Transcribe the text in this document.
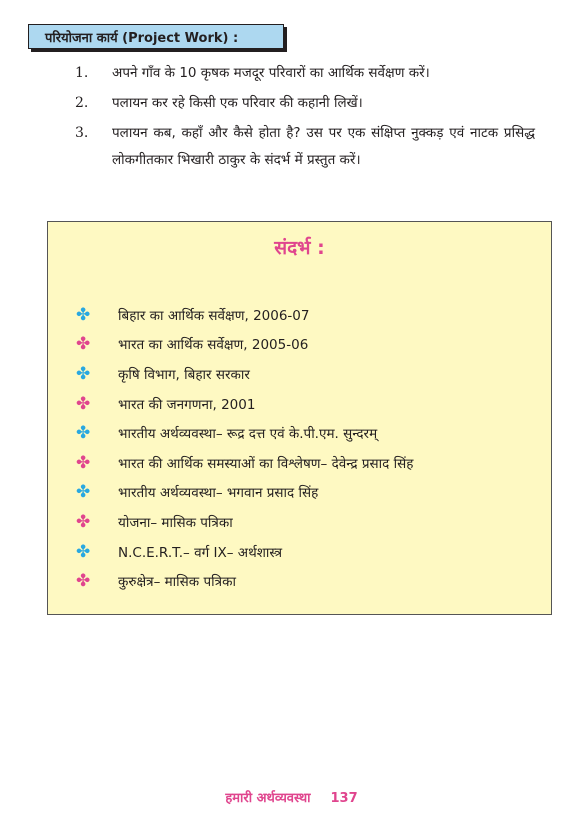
परियोजना कार्य (Project Work) :
1.	अपने गाँव के 10 कृषक मजदूर परिवारों का आर्थिक सर्वेक्षण करें।
2.	पलायन कर रहे किसी एक परिवार की कहानी लिखें।
3.	पलायन कब, कहाँ और कैसे होता है? उस पर एक संक्षिप्त नुक्कड़ एवं नाटक प्रसिद्ध लोकगीतकार भिखारी ठाकुर के संदर्भ में प्रस्तुत करें।
संदर्भ :
✤	बिहार का आर्थिक सर्वेक्षण, 2006-07
✤	भारत का आर्थिक सर्वेक्षण, 2005-06
✤	कृषि विभाग, बिहार सरकार
✤	भारत की जनगणना, 2001
✤	भारतीय अर्थव्यवस्था– रूद्र दत्त एवं के.पी.एम. सुन्दरम्
✤	भारत की आर्थिक समस्याओं का विश्लेषण– देवेन्द्र प्रसाद सिंह
✤	भारतीय अर्थव्यवस्था– भगवान प्रसाद सिंह
✤	योजना– मासिक पत्रिका
✤	N.C.E.R.T.– वर्ग IX– अर्थशास्त्र
✤	कुरुक्षेत्र– मासिक पत्रिका
हमारी अर्थव्यवस्था 137
